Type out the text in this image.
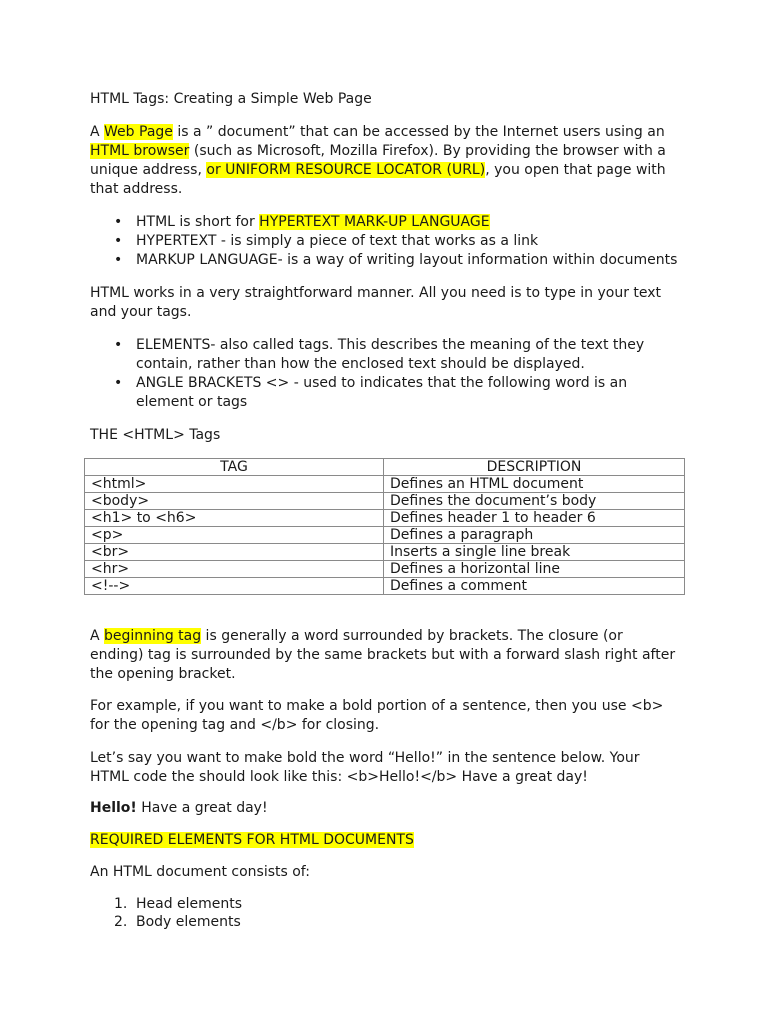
HTML Tags: Creating a Simple Web Page

A Web Page is a ” document” that can be accessed by the Internet users using an HTML browser (such as Microsoft, Mozilla Firefox). By providing the browser with a unique address, or UNIFORM RESOURCE LOCATOR (URL), you open that page with that address.

• HTML is short for HYPERTEXT MARK-UP LANGUAGE
• HYPERTEXT - is simply a piece of text that works as a link
• MARKUP LANGUAGE- is a way of writing layout information within documents

HTML works in a very straightforward manner. All you need is to type in your text and your tags.

• ELEMENTS- also called tags. This describes the meaning of the text they contain, rather than how the enclosed text should be displayed.
• ANGLE BRACKETS <> - used to indicates that the following word is an element or tags

THE <HTML> Tags

TAG	DESCRIPTION
<html>	Defines an HTML document
<body>	Defines the document’s body
<h1> to <h6>	Defines header 1 to header 6
<p>	Defines a paragraph
<br>	Inserts a single line break
<hr>	Defines a horizontal line
<!-->	Defines a comment

A beginning tag is generally a word surrounded by brackets. The closure (or ending) tag is surrounded by the same brackets but with a forward slash right after the opening bracket.

For example, if you want to make a bold portion of a sentence, then you use <b> for the opening tag and </b> for closing.

Let’s say you want to make bold the word “Hello!” in the sentence below. Your HTML code the should look like this: <b>Hello!</b> Have a great day!

Hello! Have a great day!

REQUIRED ELEMENTS FOR HTML DOCUMENTS

An HTML document consists of:

1. Head elements
2. Body elements
